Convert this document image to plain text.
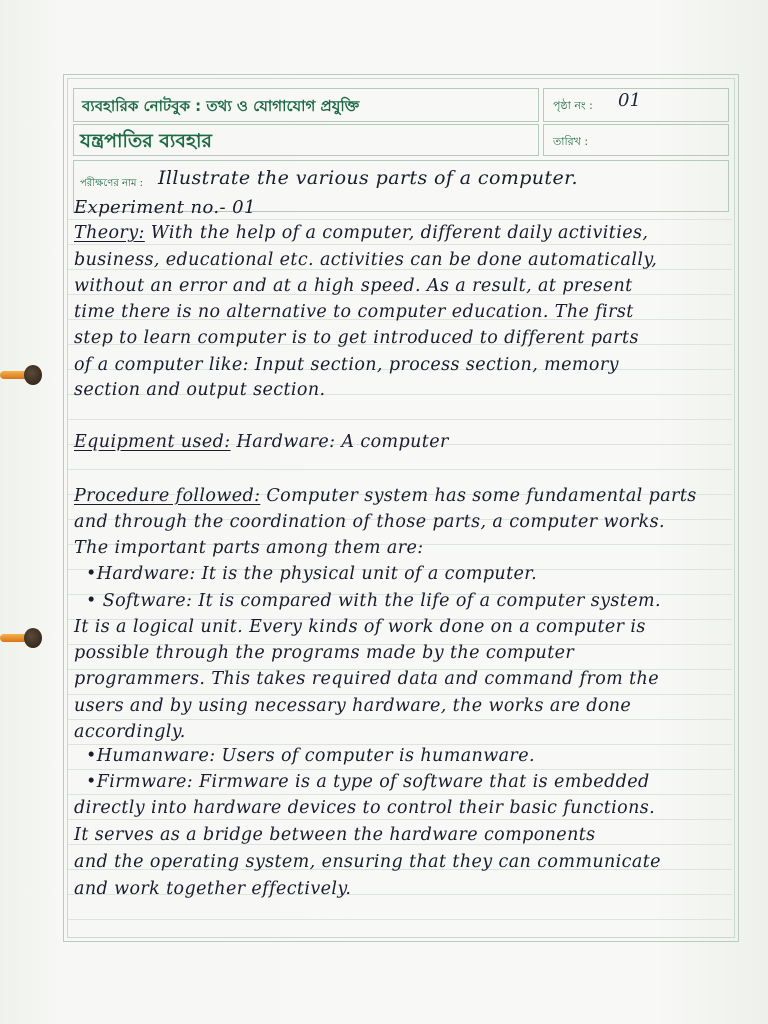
ব্যবহারিক নোটবুক : তথ্য ও যোগাযোগ প্রযুক্তি	পৃষ্ঠা নং : 01
যন্ত্রপাতির ব্যবহার	তারিখ :
পরীক্ষণের নাম : Illustrate the various parts of a computer.
Experiment no.- 01
Theory: With the help of a computer, different daily activities,
business, educational etc. activities can be done automatically,
without an error and at a high speed. As a result, at present
time there is no alternative to computer education. The first
step to learn computer is to get introduced to different parts
of a computer like: Input section, process section, memory
section and output section.
Equipment used: Hardware: A computer
Procedure followed: Computer system has some fundamental parts
and through the coordination of those parts, a computer works.
The important parts among them are:
•Hardware: It is the physical unit of a computer.
• Software: It is compared with the life of a computer system.
It is a logical unit. Every kinds of work done on a computer is
possible through the programs made by the computer
programmers. This takes required data and command from the
users and by using necessary hardware, the works are done
accordingly.
•Humanware: Users of computer is humanware.
•Firmware: Firmware is a type of software that is embedded
directly into hardware devices to control their basic functions.
It serves as a bridge between the hardware components
and the operating system, ensuring that they can communicate
and work together effectively.
